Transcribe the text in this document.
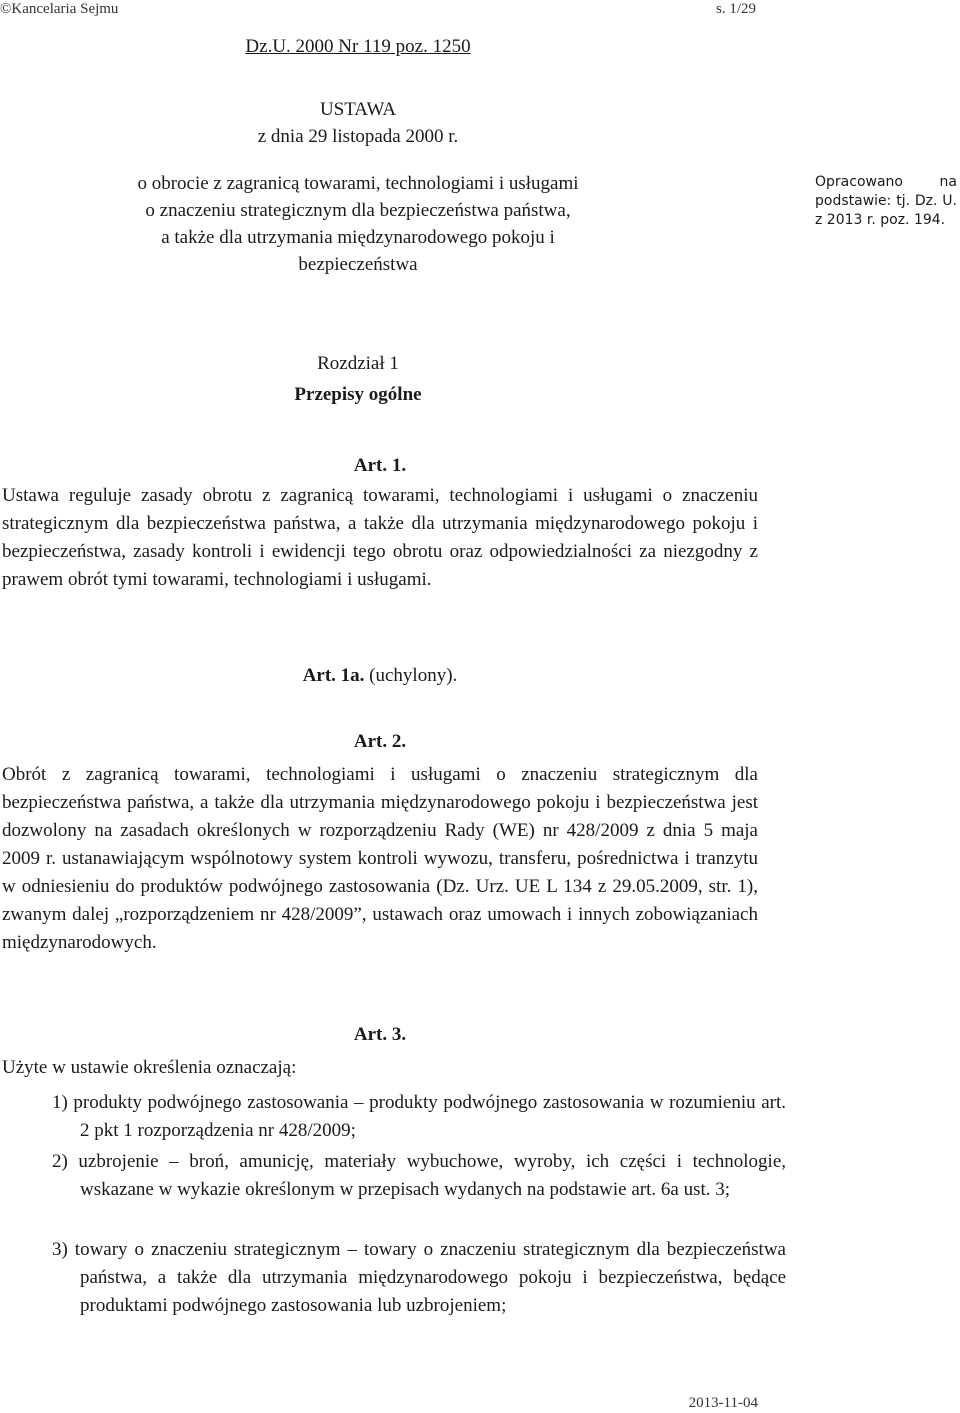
©Kancelaria Sejmu	s. 1/29
Dz.U. 2000 Nr 119 poz. 1250
USTAWA
z dnia 29 listopada 2000 r.
o obrocie z zagranicą towarami, technologiami i usługami
o znaczeniu strategicznym dla bezpieczeństwa państwa,
a także dla utrzymania międzynarodowego pokoju i bezpieczeństwa
Opracowano na podstawie: tj. Dz. U. z 2013 r. poz. 194.
Rozdział 1
Przepisy ogólne
Art. 1.

Ustawa reguluje zasady obrotu z zagranicą towarami, technologiami i usługami o znaczeniu strategicznym dla bezpieczeństwa państwa, a także dla utrzymania międzynarodowego pokoju i bezpieczeństwa, zasady kontroli i ewidencji tego obrotu oraz odpowiedzialności za niezgodny z prawem obrót tymi towarami, technologiami i usługami.

Art. 1a. (uchylony).
Art. 2.

Obrót z zagranicą towarami, technologiami i usługami o znaczeniu strategicznym dla bezpieczeństwa państwa, a także dla utrzymania międzynarodowego pokoju i bezpieczeństwa jest dozwolony na zasadach określonych w rozporządzeniu Rady (WE) nr 428/2009 z dnia 5 maja 2009 r. ustanawiającym wspólnotowy system kontroli wywozu, transferu, pośrednictwa i tranzytu w odniesieniu do produktów podwójnego zastosowania (Dz. Urz. UE L 134 z 29.05.2009, str. 1), zwanym dalej „rozporządzeniem nr 428/2009”, ustawach oraz umowach i innych zobowiązaniach międzynarodowych.

Art. 3.

Użyte w ustawie określenia oznaczają:

1) produkty podwójnego zastosowania – produkty podwójnego zastosowania w rozumieniu art. 2 pkt 1 rozporządzenia nr 428/2009;

2) uzbrojenie – broń, amunicję, materiały wybuchowe, wyroby, ich części i technologie, wskazane w wykazie określonym w przepisach wydanych na podstawie art. 6a ust. 3;

3) towary o znaczeniu strategicznym – towary o znaczeniu strategicznym dla bezpieczeństwa państwa, a także dla utrzymania międzynarodowego pokoju i bezpieczeństwa, będące produktami podwójnego zastosowania lub uzbrojeniem;

2013-11-04
